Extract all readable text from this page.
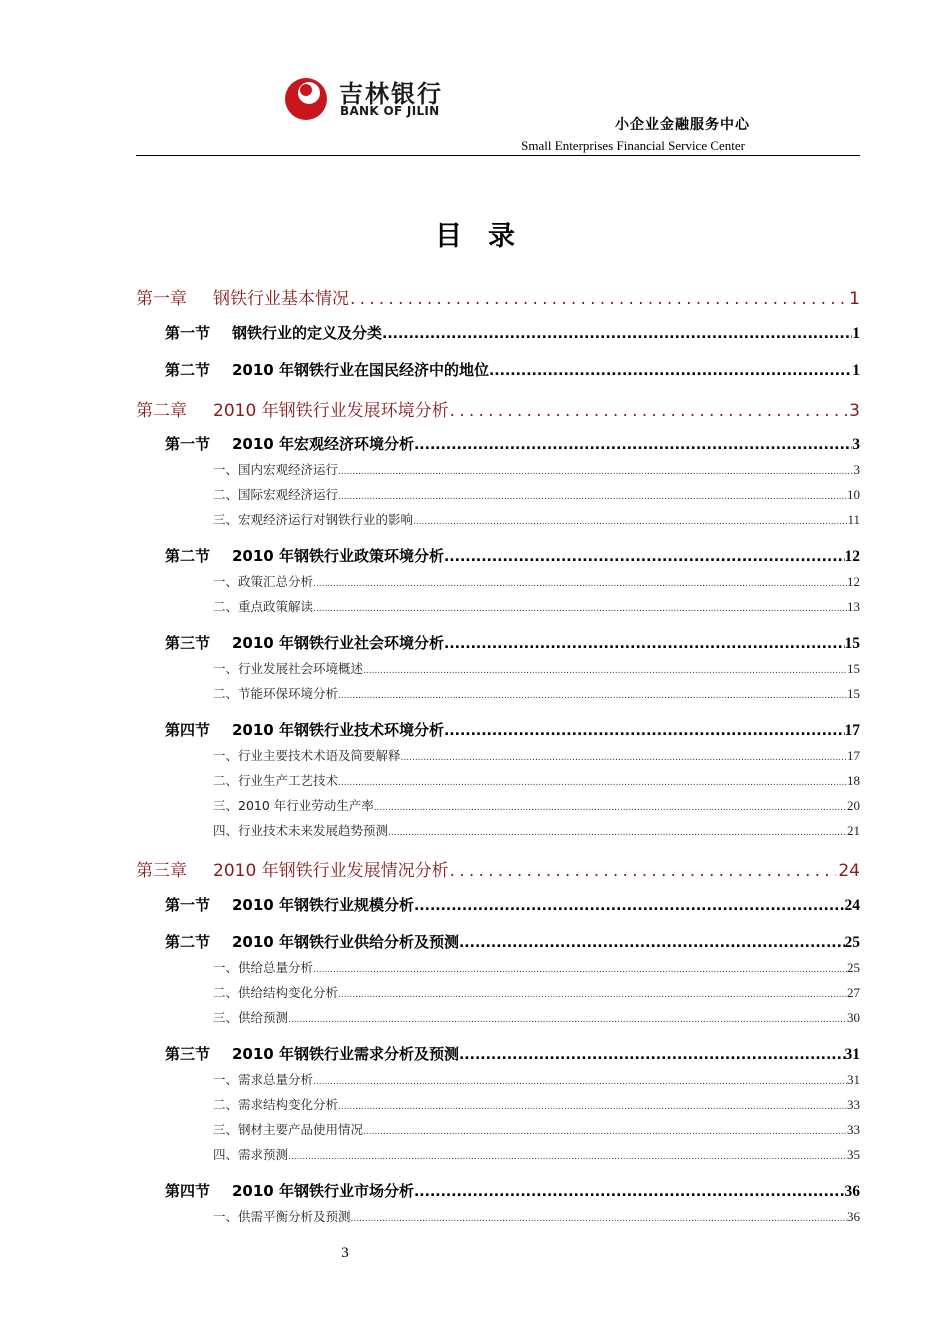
吉林银行
BANK OF JILIN
小企业金融服务中心
Small Enterprises Financial Service Center
目录
第一章	钢铁行业基本情况 .....	1
第一节	钢铁行业的定义及分类 .....	1
第二节	2010 年钢铁行业在国民经济中的地位 .....	1
第二章	2010 年钢铁行业发展环境分析 .....	3
第一节	2010 年宏观经济环境分析 .....	3
一、国内宏观经济运行 .....	3
二、国际宏观经济运行 .....	10
三、宏观经济运行对钢铁行业的影响 .....	11
第二节	2010 年钢铁行业政策环境分析 .....	12
一、政策汇总分析 .....	12
二、重点政策解读 .....	13
第三节	2010 年钢铁行业社会环境分析 .....	15
一、行业发展社会环境概述 .....	15
二、节能环保环境分析 .....	15
第四节	2010 年钢铁行业技术环境分析 .....	17
一、行业主要技术术语及简要解释 .....	17
二、行业生产工艺技术 .....	18
三、2010 年行业劳动生产率 .....	20
四、行业技术未来发展趋势预测 .....	21
第三章	2010 年钢铁行业发展情况分析 .....	24
第一节	2010 年钢铁行业规模分析 .....	24
第二节	2010 年钢铁行业供给分析及预测 .....	25
一、供给总量分析 .....	25
二、供给结构变化分析 .....	27
三、供给预测 .....	30
第三节	2010 年钢铁行业需求分析及预测 .....	31
一、需求总量分析 .....	31
二、需求结构变化分析 .....	33
三、钢材主要产品使用情况 .....	33
四、需求预测 .....	35
第四节	2010 年钢铁行业市场分析 .....	36
一、供需平衡分析及预测 .....	36
3
